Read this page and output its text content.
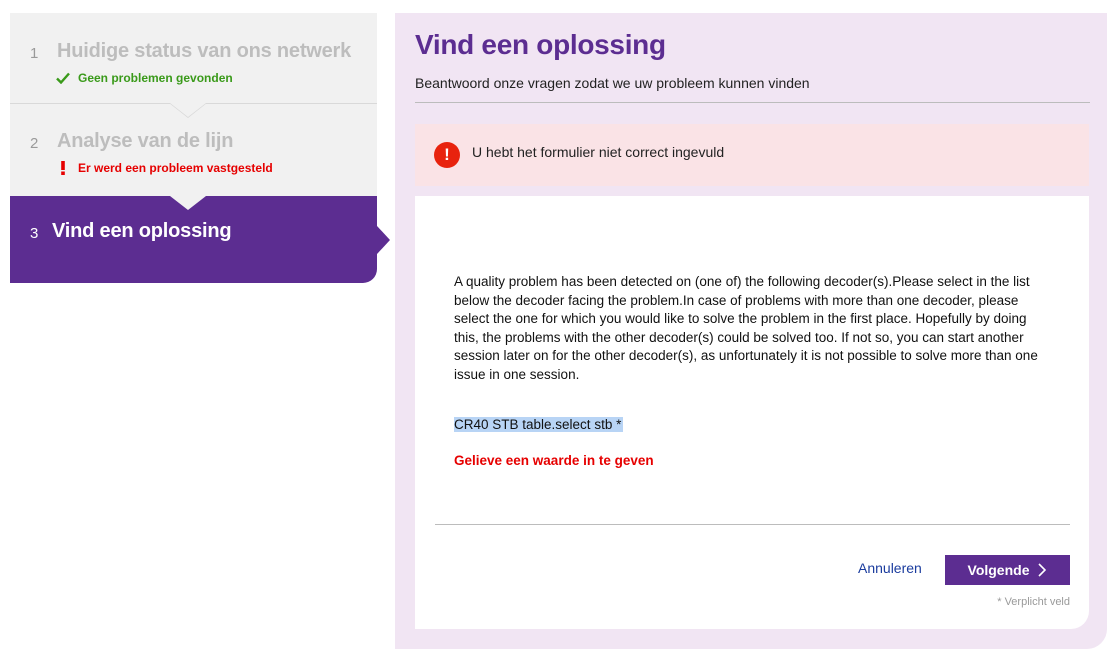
1 Huidige status van ons netwerk
Geen problemen gevonden
2 Analyse van de lijn
Er werd een probleem vastgesteld
3 Vind een oplossing
Vind een oplossing
Beantwoord onze vragen zodat we uw probleem kunnen vinden
!	U hebt het formulier niet correct ingevuld
A quality problem has been detected on (one of) the following decoder(s).Please select in the list below the decoder facing the problem.In case of problems with more than one decoder, please select the one for which you would like to solve the problem in the first place. Hopefully by doing this, the problems with the other decoder(s) could be solved too. If not so, you can start another session later on for the other decoder(s), as unfortunately it is not possible to solve more than one issue in one session.
CR40 STB table.select stb *
Gelieve een waarde in te geven
Annuleren	Volgende
* Verplicht veld
